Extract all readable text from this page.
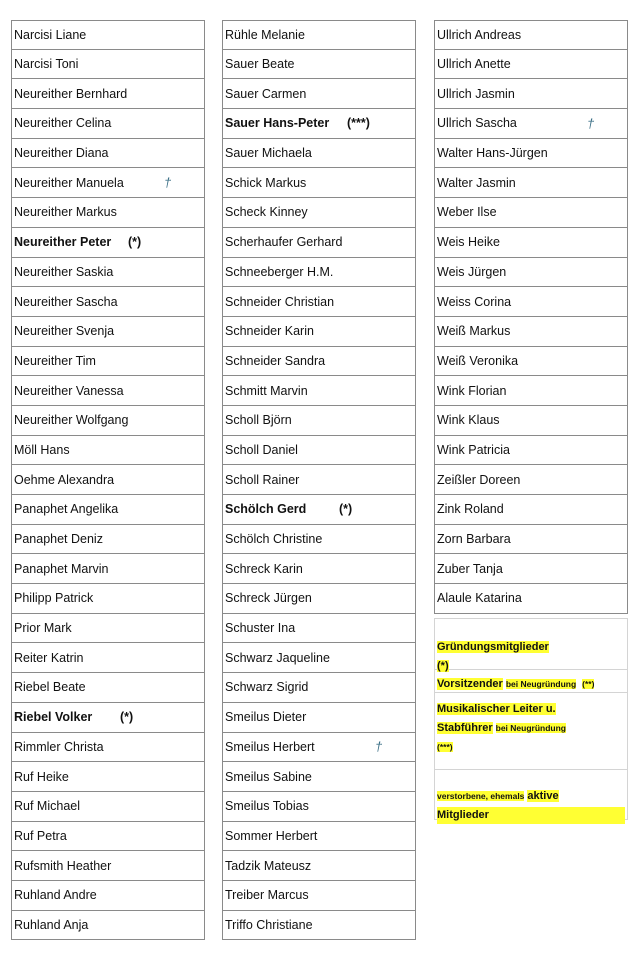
Narcisi Liane
Narcisi Toni
Neureither Bernhard
Neureither Celina
Neureither Diana
Neureither Manuela	†
Neureither Markus
Neureither Peter (*)
Neureither Saskia
Neureither Sascha
Neureither Svenja
Neureither Tim
Neureither Vanessa
Neureither Wolfgang
Möll Hans
Oehme Alexandra
Panaphet Angelika
Panaphet Deniz
Panaphet Marvin
Philipp Patrick
Prior Mark
Reiter Katrin
Riebel Beate
Riebel Volker (*)
Rimmler Christa
Ruf Heike
Ruf Michael
Ruf Petra
Rufsmith Heather
Ruhland Andre
Ruhland Anja
Rühle Melanie
Sauer Beate
Sauer Carmen
Sauer Hans-Peter (***)
Sauer Michaela
Schick Markus
Scheck Kinney
Scherhaufer Gerhard
Schneeberger H.M.
Schneider Christian
Schneider Karin
Schneider Sandra
Schmitt Marvin
Scholl Björn
Scholl Daniel
Scholl Rainer
Schölch Gerd	(*)
Schölch Christine
Schreck Karin
Schreck Jürgen
Schuster Ina
Schwarz Jaqueline
Schwarz Sigrid
Smeilus Dieter
Smeilus Herbert	†
Smeilus Sabine
Smeilus Tobias
Sommer Herbert
Tadzik Mateusz
Treiber Marcus
Triffo Christiane
Ullrich Andreas
Ullrich Anette
Ullrich Jasmin
Ullrich Sascha	†
Walter Hans-Jürgen
Walter Jasmin
Weber Ilse
Weis Heike
Weis Jürgen
Weiss Corina
Weiß Markus
Weiß Veronika
Wink Florian
Wink Klaus
Wink Patricia
Zeißler Doreen
Zink Roland
Zorn Barbara
Zuber Tanja
Alaule Katarina
Gründungsmitglieder
(*)
Vorsitzender bei Neugründung (**)
Musikalischer Leiter u.
Stabführer bei Neugründung
(***)
verstorbene, ehemals aktive
Mitglieder
